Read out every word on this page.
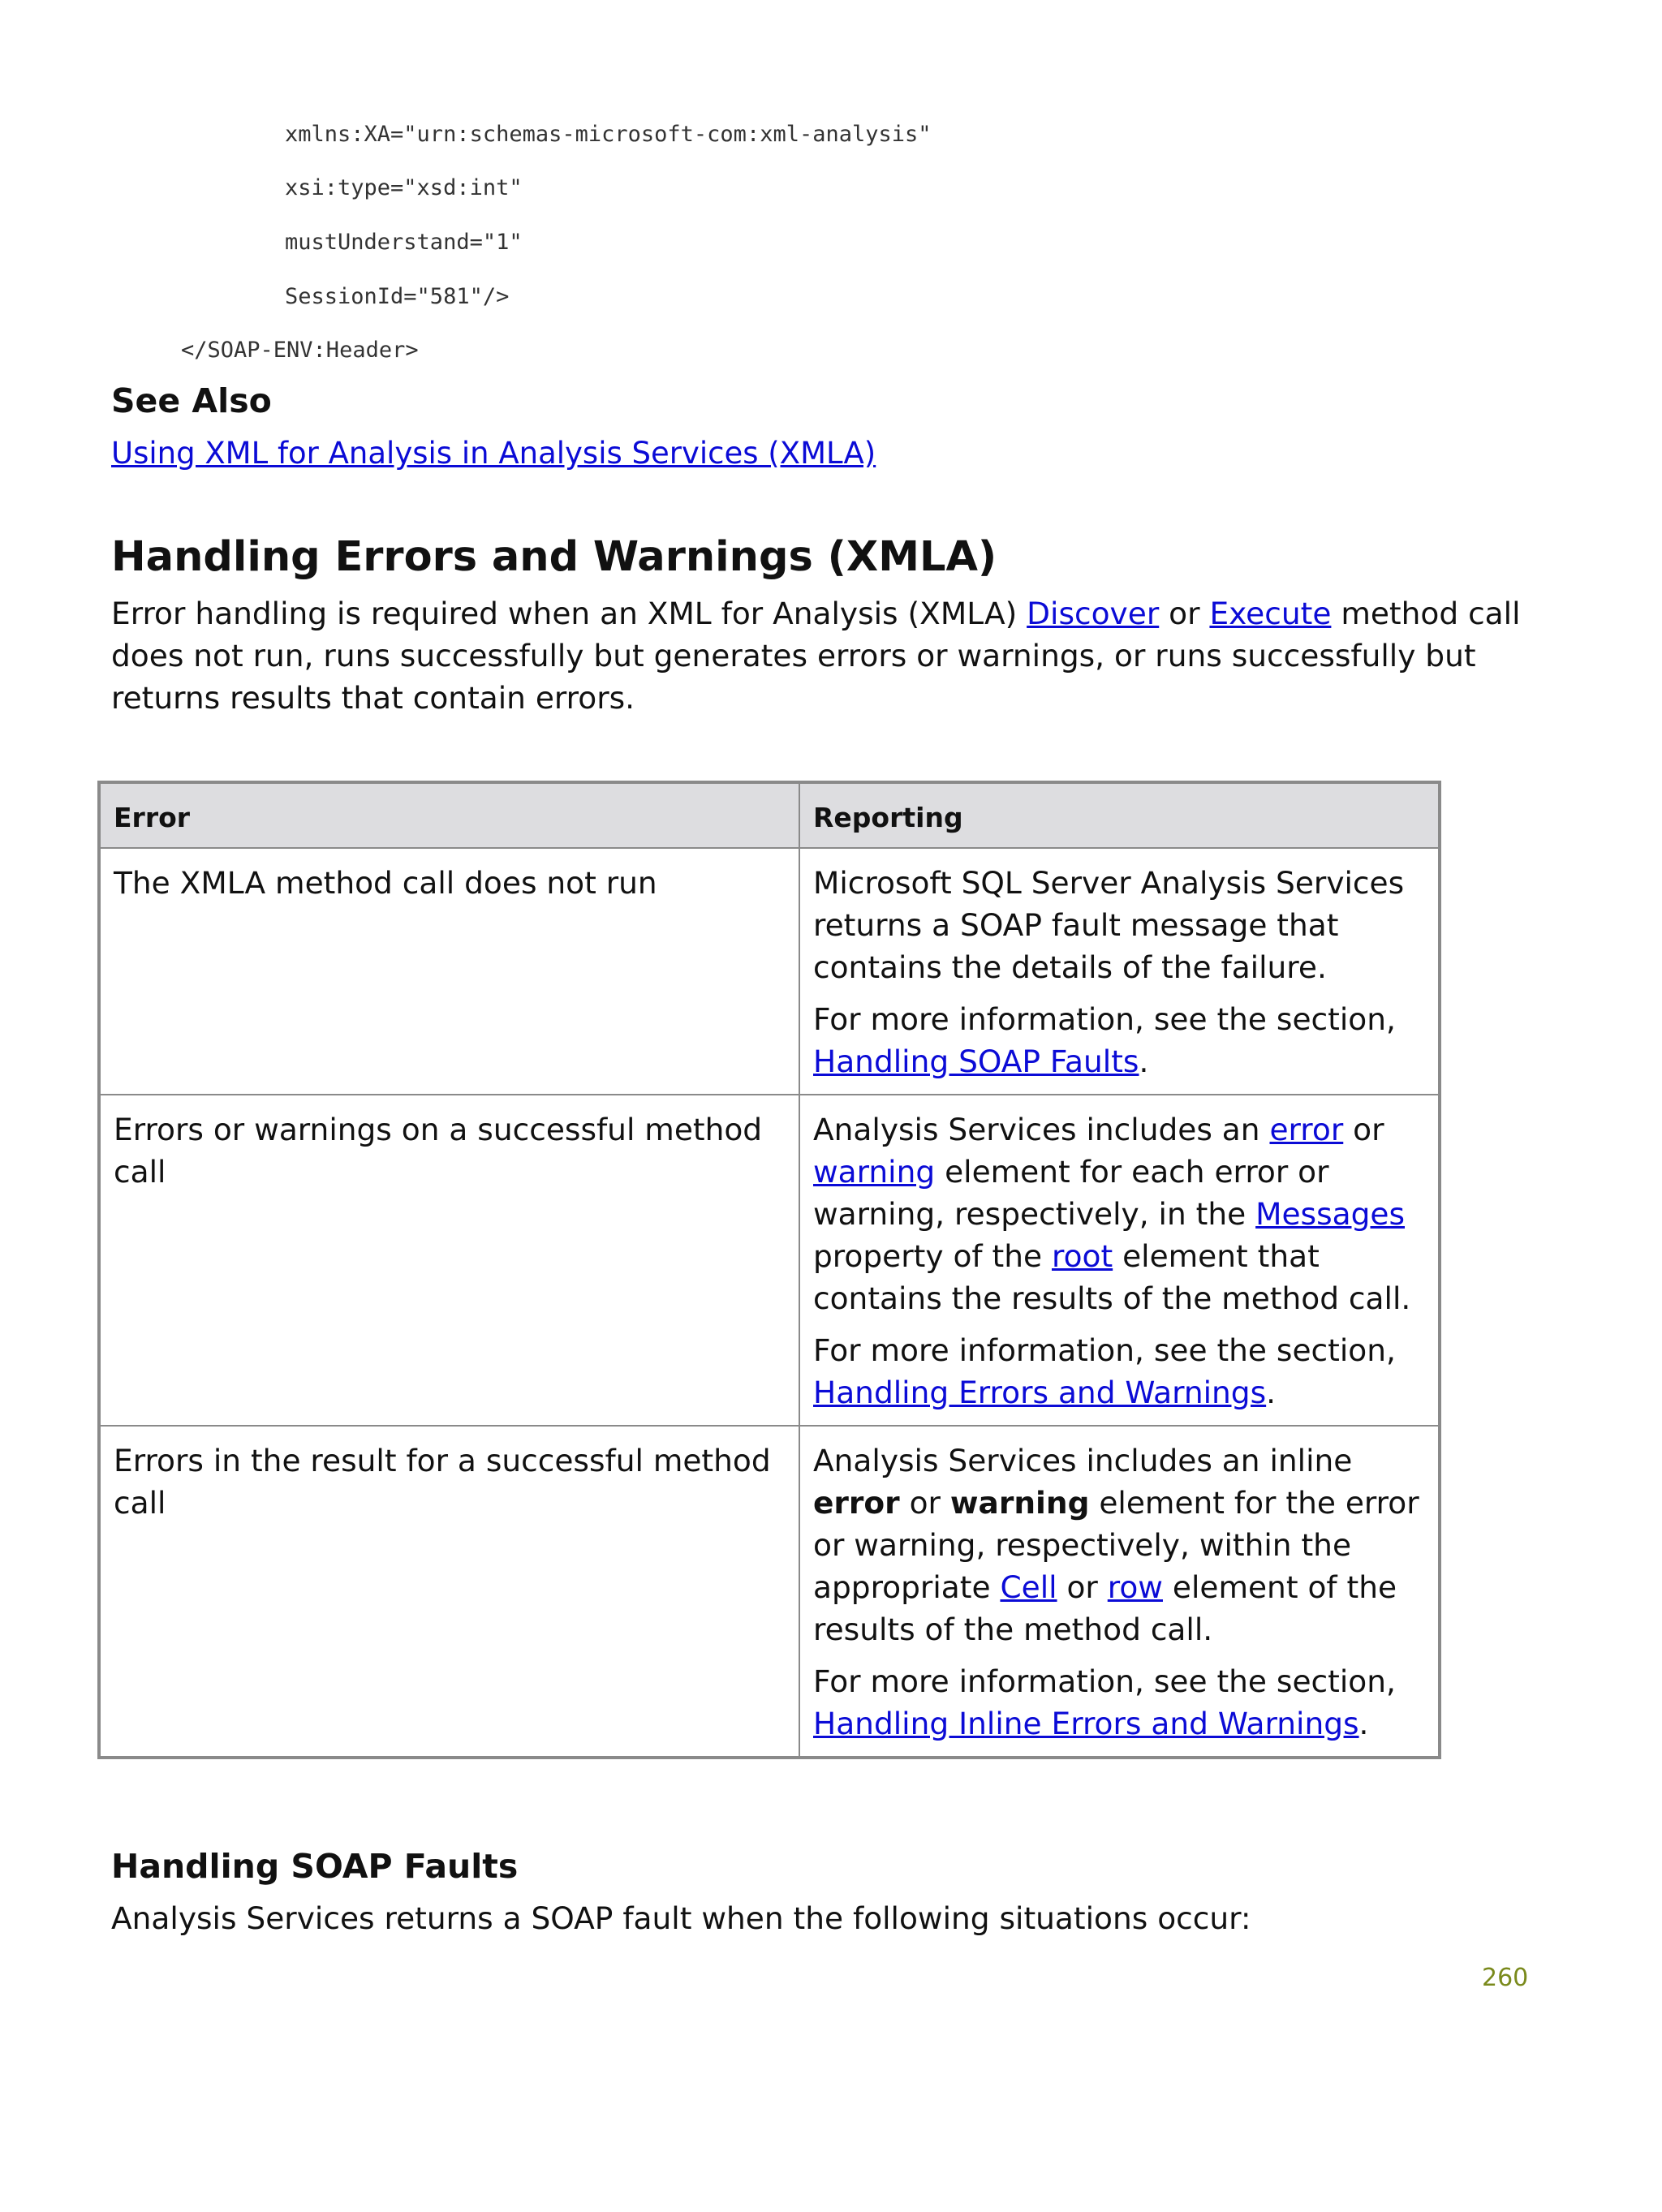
xmlns:XA="urn:schemas-microsoft-com:xml-analysis"
xsi:type="xsd:int"
mustUnderstand="1"
SessionId="581"/>
</SOAP-ENV:Header>
See Also
Using XML for Analysis in Analysis Services (XMLA)
Handling Errors and Warnings (XMLA)
Error handling is required when an XML for Analysis (XMLA) Discover or Execute method call does not run, runs successfully but generates errors or warnings, or runs successfully but returns results that contain errors.
Error	Reporting
The XMLA method call does not run	Microsoft SQL Server Analysis Services returns a SOAP fault message that contains the details of the failure.

For more information, see the section, Handling SOAP Faults.

Errors or warnings on a successful method call	Analysis Services includes an error or warning element for each error or warning, respectively, in the Messages property of the root element that contains the results of the method call.

For more information, see the section, Handling Errors and Warnings.

Errors in the result for a successful method call	Analysis Services includes an inline error or warning element for the error or warning, respectively, within the appropriate Cell or row element of the results of the method call.

For more information, see the section, Handling Inline Errors and Warnings.

Handling SOAP Faults
Analysis Services returns a SOAP fault when the following situations occur:
260
